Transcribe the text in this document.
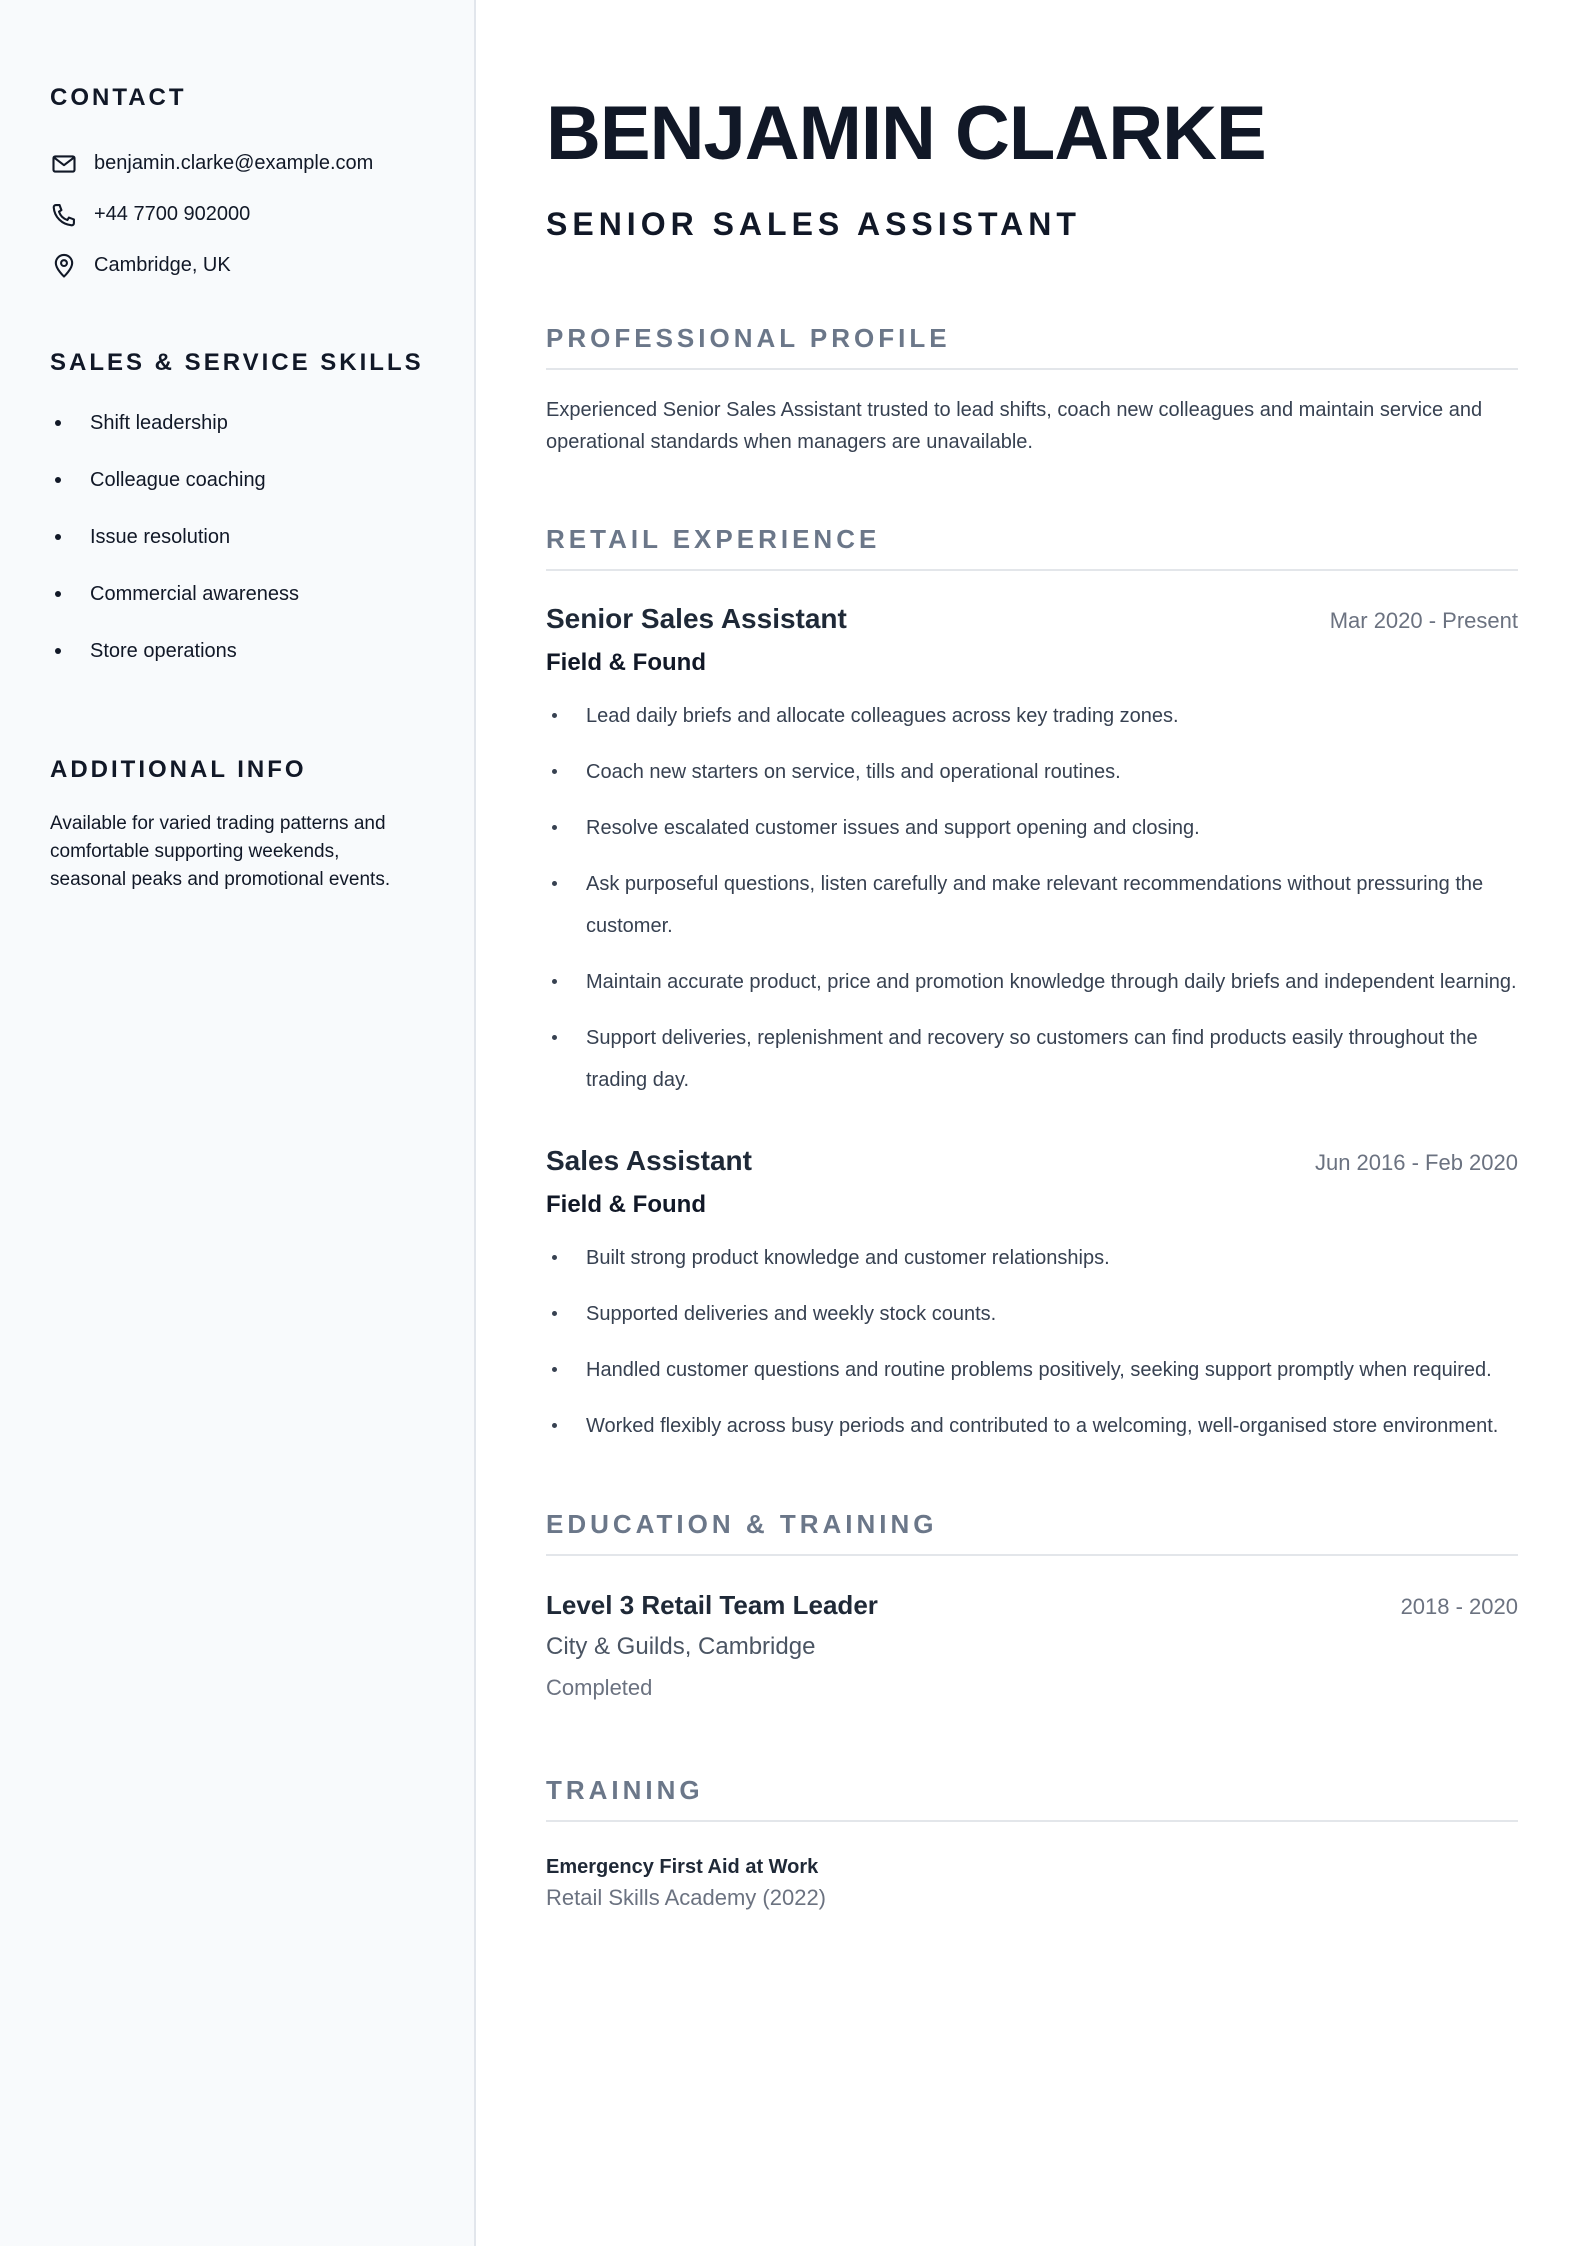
CONTACT
benjamin.clarke@example.com
+44 7700 902000
Cambridge, UK
SALES & SERVICE SKILLS
Shift leadership
Colleague coaching
Issue resolution
Commercial awareness
Store operations
ADDITIONAL INFO

Available for varied trading patterns and comfortable supporting weekends, seasonal peaks and promotional events.

BENJAMIN CLARKE
SENIOR SALES ASSISTANT
PROFESSIONAL PROFILE

Experienced Senior Sales Assistant trusted to lead shifts, coach new colleagues and maintain service and operational standards when managers are unavailable.

RETAIL EXPERIENCE
Senior Sales Assistant	Mar 2020 - Present
Field & Found
Lead daily briefs and allocate colleagues across key trading zones.
Coach new starters on service, tills and operational routines.
Resolve escalated customer issues and support opening and closing.
Ask purposeful questions, listen carefully and make relevant recommendations without pressuring the customer.
Maintain accurate product, price and promotion knowledge through daily briefs and independent learning.
Support deliveries, replenishment and recovery so customers can find products easily throughout the trading day.
Sales Assistant	Jun 2016 - Feb 2020
Field & Found
Built strong product knowledge and customer relationships.
Supported deliveries and weekly stock counts.
Handled customer questions and routine problems positively, seeking support promptly when required.
Worked flexibly across busy periods and contributed to a welcoming, well-organised store environment.
EDUCATION & TRAINING
Level 3 Retail Team Leader	2018 - 2020
City & Guilds, Cambridge
Completed
TRAINING
Emergency First Aid at Work
Retail Skills Academy (2022)
